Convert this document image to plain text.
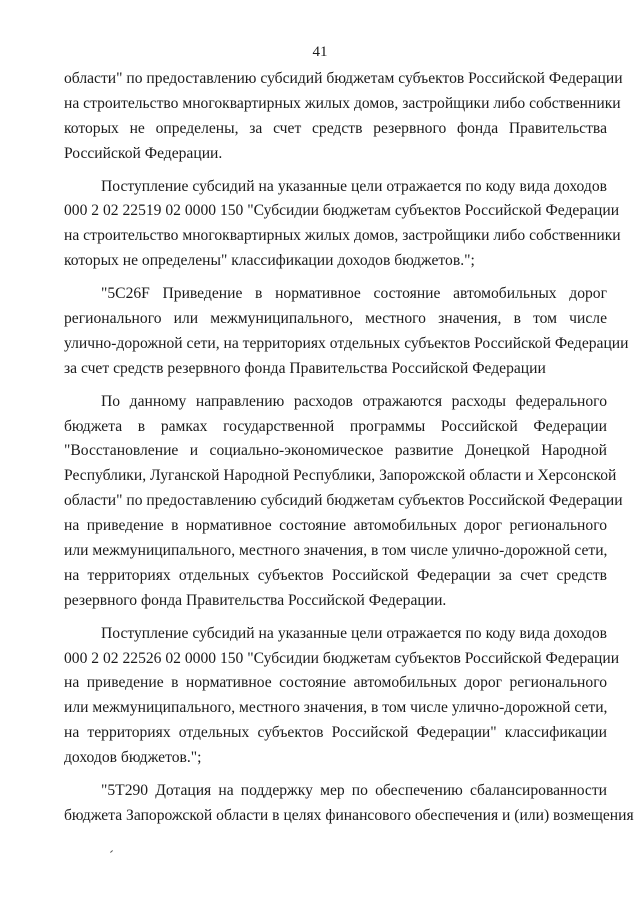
41
области" по предоставлению субсидий бюджетам субъектов Российской Федерации
на строительство многоквартирных жилых домов, застройщики либо собственники
которых не определены, за счет средств резервного фонда Правительства
Российской Федерации.
Поступление субсидий на указанные цели отражается по коду вида доходов
000 2 02 22519 02 0000 150 "Субсидии бюджетам субъектов Российской Федерации
на строительство многоквартирных жилых домов, застройщики либо собственники
которых не определены" классификации доходов бюджетов.";
"5С26F Приведение в нормативное состояние автомобильных дорог
регионального или межмуниципального, местного значения, в том числе
улично-дорожной сети, на территориях отдельных субъектов Российской Федерации
за счет средств резервного фонда Правительства Российской Федерации
По данному направлению расходов отражаются расходы федерального
бюджета в рамках государственной программы Российской Федерации
"Восстановление и социально-экономическое развитие Донецкой Народной
Республики, Луганской Народной Республики, Запорожской области и Херсонской
области" по предоставлению субсидий бюджетам субъектов Российской Федерации
на приведение в нормативное состояние автомобильных дорог регионального
или межмуниципального, местного значения, в том числе улично-дорожной сети,
на территориях отдельных субъектов Российской Федерации за счет средств
резервного фонда Правительства Российской Федерации.
Поступление субсидий на указанные цели отражается по коду вида доходов
000 2 02 22526 02 0000 150 "Субсидии бюджетам субъектов Российской Федерации
на приведение в нормативное состояние автомобильных дорог регионального
или межмуниципального, местного значения, в том числе улично-дорожной сети,
на территориях отдельных субъектов Российской Федерации" классификации
доходов бюджетов.";
"5Т290 Дотация на поддержку мер по обеспечению сбалансированности
бюджета Запорожской области в целях финансового обеспечения и (или) возмещения
